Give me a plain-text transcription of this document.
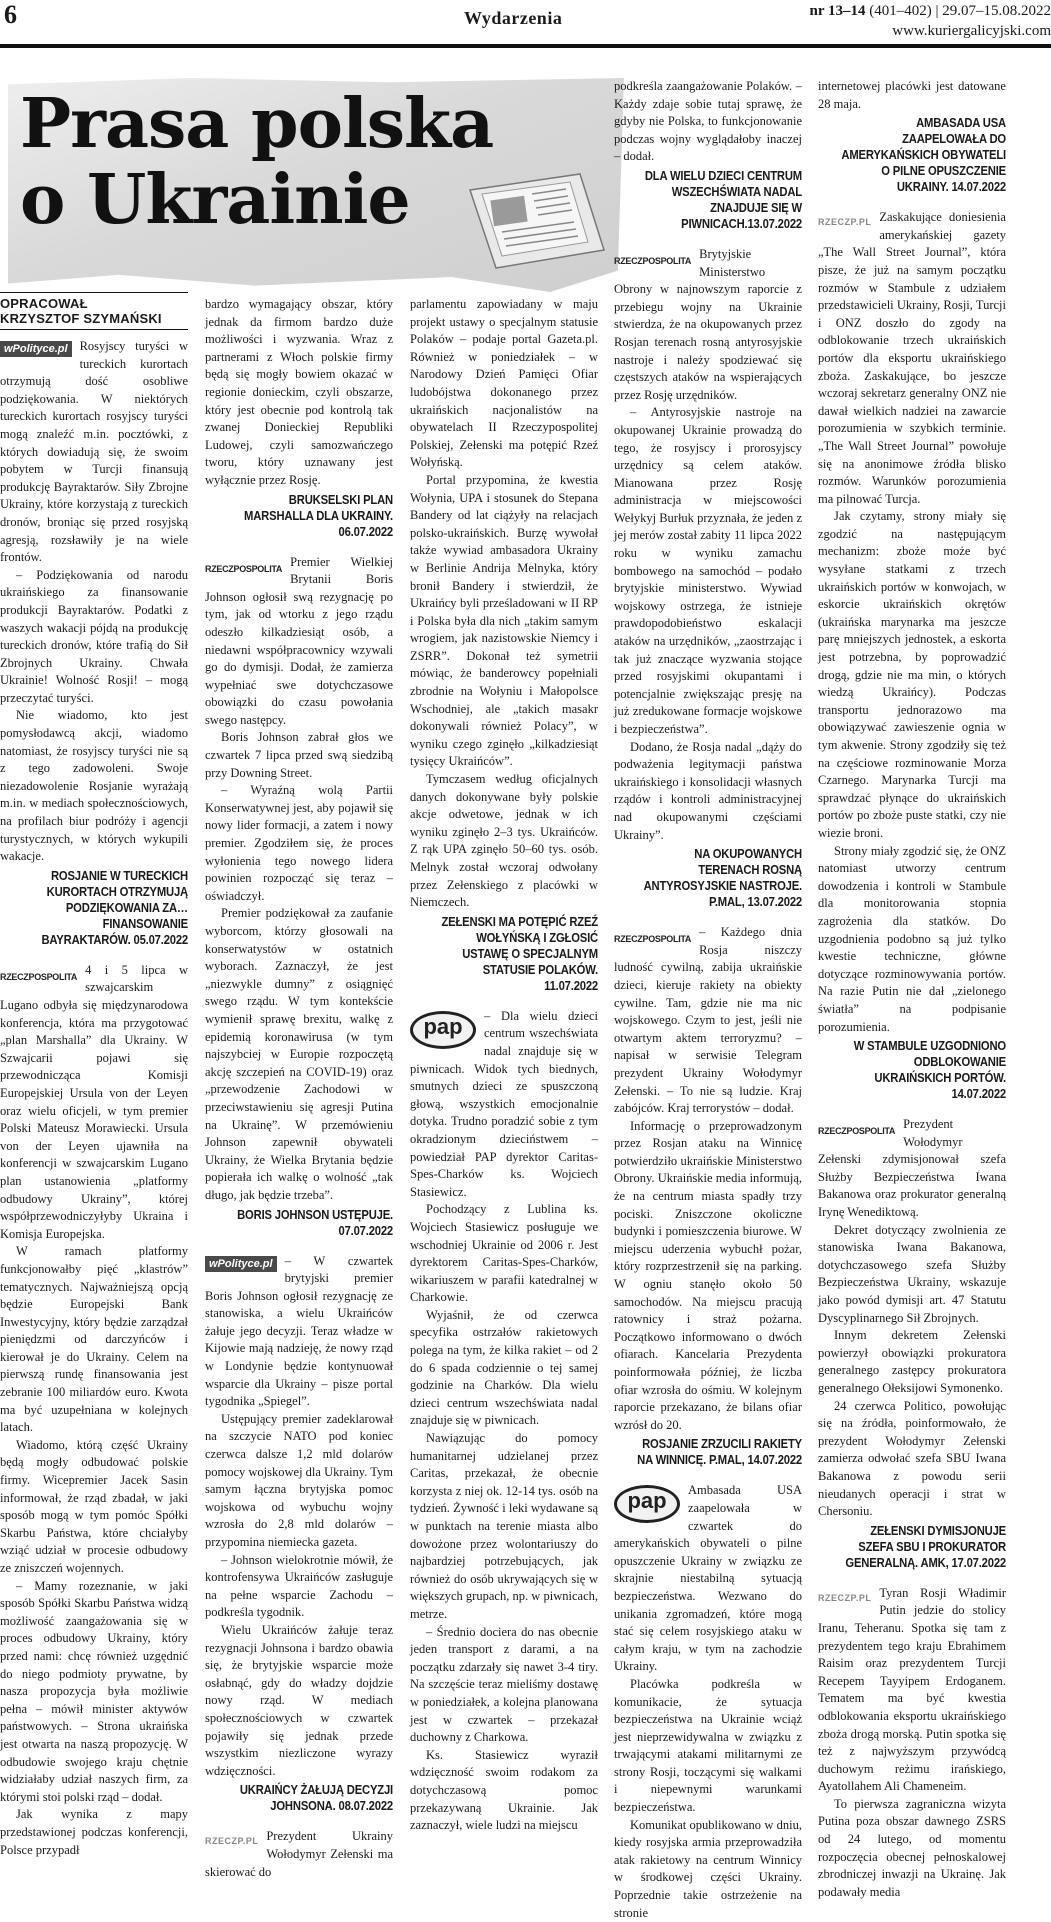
6	Wydarzenia	nr 13–14 (401–402) | 29.07–15.08.2022
www.kuriergalicyjski.com
Prasa polska
o Ukrainie
OPRACOWAŁ
KRZYSZTOF SZYMAŃSKI

wPolityce.pl Rosyjscy turyści w tureckich kurortach otrzymują dość osobliwe podziękowania. W niektórych tureckich kurortach rosyjscy turyści mogą znaleźć m.in. pocztówki, z których dowiadują się, że swoim pobytem w Turcji finansują produkcję Bayraktarów. Siły Zbrojne Ukrainy, które korzystają z tureckich dronów, broniąc się przed rosyjską agresją, rozsławiły je na wiele frontów.

– Podziękowania od narodu ukraińskiego za finansowanie produkcji Bayraktarów. Podatki z waszych wakacji pójdą na produkcję tureckich dronów, które trafią do Sił Zbrojnych Ukrainy. Chwała Ukrainie! Wolność Rosji! – mogą przeczytać turyści.

Nie wiadomo, kto jest pomysłodawcą akcji, wiadomo natomiast, że rosyjscy turyści nie są z tego zadowoleni. Swoje niezadowolenie Rosjanie wyrażają m.in. w mediach społecznościowych, na profilach biur podróży i agencji turystycznych, w których wykupili wakacje.

ROSJANIE W TURECKICH KURORTACH OTRZYMUJĄ PODZIĘKOWANIA ZA… FINANSOWANIE BAYRAKTARÓW. 05.07.2022

RZECZPOSPOLITA 4 i 5 lipca w szwajcarskim Lugano odbyła się międzynarodowa konferencja, która ma przygotować „plan Marshalla” dla Ukrainy. W Szwajcarii pojawi się przewodnicząca Komisji Europejskiej Ursula von der Leyen oraz wielu oficjeli, w tym premier Polski Mateusz Morawiecki. Ursula von der Leyen ujawniła na konferencji w szwajcarskim Lugano plan ustanowienia „platformy odbudowy Ukrainy”, której współprzewodniczyłyby Ukraina i Komisja Europejska.

W ramach platformy funkcjonowałby pięć „klastrów” tematycznych. Najważniejszą opcją będzie Europejski Bank Inwestycyjny, który będzie zarządzał pieniędzmi od darczyńców i kierował je do Ukrainy. Celem na pierwszą rundę finansowania jest zebranie 100 miliardów euro. Kwota ma być uzupełniana w kolejnych latach.

Wiadomo, którą część Ukrainy będą mogły odbudować polskie firmy. Wicepremier Jacek Sasin informował, że rząd zbadał, w jaki sposób mogą w tym pomóc Spółki Skarbu Państwa, które chciałyby wziąć udział w procesie odbudowy ze zniszczeń wojennych.

– Mamy rozeznanie, w jaki sposób Spółki Skarbu Państwa widzą możliwość zaangażowania się w proces odbudowy Ukrainy, który przed nami: chcę również uzgędnić do niego podmioty prywatne, by nasza propozycja była możliwie pełna – mówił minister aktywów państwowych. – Strona ukraińska jest otwarta na naszą propozycję. W odbudowie swojego kraju chętnie widziałaby udział naszych firm, za którymi stoi polski rząd – dodał.

Jak wynika z mapy przedstawionej podczas konferencji, Polsce przypadł

bardzo wymagający obszar, który jednak da firmom bardzo duże możliwości i wyzwania. Wraz z partnerami z Włoch polskie firmy będą się mogły bowiem okazać w regionie donieckim, czyli obszarze, który jest obecnie pod kontrolą tak zwanej Donieckiej Republiki Ludowej, czyli samozwańczego tworu, który uznawany jest wyłącznie przez Rosję.

BRUKSELSKI PLAN MARSHALLA DLA UKRAINY. 06.07.2022

RZECZPOSPOLITA Premier Wielkiej Brytanii Boris Johnson ogłosił swą rezygnację po tym, jak od wtorku z jego rządu odeszło kilkadziesiąt osób, a niedawni współpracownicy wzywali go do dymisji. Dodał, że zamierza wypełniać swe dotychczasowe obowiązki do czasu powołania swego następcy.

Boris Johnson zabrał głos we czwartek 7 lipca przed swą siedzibą przy Downing Street.

– Wyraźną wolą Partii Konserwatywnej jest, aby pojawił się nowy lider formacji, a zatem i nowy premier. Zgodziłem się, że proces wyłonienia tego nowego lidera powinien rozpocząć się teraz – oświadczył.

Premier podziękował za zaufanie wyborcom, którzy głosowali na konserwatystów w ostatnich wyborach. Zaznaczył, że jest „niezwykle dumny” z osiągnięć swego rządu. W tym kontekście wymienił sprawę brexitu, walkę z epidemią koronawirusa (w tym najszybciej w Europie rozpoczętą akcję szczepień na COVID-19) oraz „przewodzenie Zachodowi w przeciwstawieniu się agresji Putina na Ukrainę”. W przemówieniu Johnson zapewnił obywateli Ukrainy, że Wielka Brytania będzie popierała ich walkę o wolność „tak długo, jak będzie trzeba”.

BORIS JOHNSON USTĘPUJE. 07.07.2022

wPolityce.pl – W czwartek brytyjski premier Boris Johnson ogłosił rezygnację ze stanowiska, a wielu Ukraińców żałuje jego decyzji. Teraz władze w Kijowie mają nadzieję, że nowy rząd w Londynie będzie kontynuował wsparcie dla Ukrainy – pisze portal tygodnika „Spiegel”.

Ustępujący premier zadeklarował na szczycie NATO pod koniec czerwca dalsze 1,2 mld dolarów pomocy wojskowej dla Ukrainy. Tym samym łączna brytyjska pomoc wojskowa od wybuchu wojny wzrosła do 2,8 mld dolarów – przypomina niemiecka gazeta.

– Johnson wielokrotnie mówił, że kontrofensywa Ukraińców zasługuje na pełne wsparcie Zachodu – podkreśla tygodnik.

Wielu Ukraińców żałuje teraz rezygnacji Johnsona i bardzo obawia się, że brytyjskie wsparcie może osłabnąć, gdy do władzy dojdzie nowy rząd. W mediach społecznościowych w czwartek pojawiły się jednak przede wszystkim niezliczone wyrazy wdzięczności.

UKRAIŃCY ŻAŁUJĄ DECYZJI JOHNSONA. 08.07.2022

RZECZP.PL Prezydent Ukrainy Wołodymyr Zełenski ma skierować do

parlamentu zapowiadany w maju projekt ustawy o specjalnym statusie Polaków – podaje portal Gazeta.pl. Również w poniedziałek – w Narodowy Dzień Pamięci Ofiar ludobójstwa dokonanego przez ukraińskich nacjonalistów na obywatelach II Rzeczypospolitej Polskiej, Zełenski ma potępić Rzeź Wołyńską.

Portal przypomina, że kwestia Wołynia, UPA i stosunek do Stepana Bandery od lat ciążyły na relacjach polsko-ukraińskich. Burzę wywołał także wywiad ambasadora Ukrainy w Berlinie Andrija Melnyka, który bronił Bandery i stwierdził, że Ukraińcy byli prześladowani w II RP i Polska była dla nich „takim samym wrogiem, jak nazistowskie Niemcy i ZSRR”. Dokonał też symetrii mówiąc, że banderowcy popełniali zbrodnie na Wołyniu i Małopolsce Wschodniej, ale „takich masakr dokonywali również Polacy”, w wyniku czego zginęło „kilkadziesiąt tysięcy Ukraińców”.

Tymczasem według oficjalnych danych dokonywane były polskie akcje odwetowe, jednak w ich wyniku zginęło 2–3 tys. Ukraińców. Z rąk UPA zginęło 50–60 tys. osób. Melnyk został wczoraj odwołany przez Zełenskiego z placówki w Niemczech.

ZEŁENSKI MA POTĘPIĆ RZEŹ WOŁYŃSKĄ I ZGŁOSIĆ USTAWĘ O SPECJALNYM STATUSIE POLAKÓW. 11.07.2022

pap	– Dla wielu dzieci centrum wszechświata nadal znajduje się w piwnicach. Widok tych biednych, smutnych dzieci ze spuszczoną głową, wszystkich emocjonalnie dotyka. Trudno poradzić sobie z tym okradzionym dzieciństwem – powiedział PAP dyrektor Caritas-Spes-Charków ks. Wojciech Stasiewicz.

Pochodzący z Lublina ks. Wojciech Stasiewicz posługuje we wschodniej Ukrainie od 2006 r. Jest dyrektorem Caritas-Spes-Charków, wikariuszem w parafii katedralnej w Charkowie.

Wyjaśnił, że od czerwca specyfika ostrzałów rakietowych polega na tym, że kilka rakiet – od 2 do 6 spada codziennie o tej samej godzinie na Charków. Dla wielu dzieci centrum wszechświata nadal znajduje się w piwnicach.

Nawiązując do pomocy humanitarnej udzielanej przez Caritas, przekazał, że obecnie korzysta z niej ok. 12-14 tys. osób na tydzień. Żywność i leki wydawane są w punktach na terenie miasta albo dowożone przez wolontariuszy do najbardziej potrzebujących, jak również do osób ukrywających się w większych grupach, np. w piwnicach, metrze.

– Średnio dociera do nas obecnie jeden transport z darami, a na początku zdarzały się nawet 3-4 tiry. Na szczęście teraz mieliśmy dostawę w poniedziałek, a kolejna planowana jest w czwartek – przekazał duchowny z Charkowa.

Ks. Stasiewicz wyraził wdzięczność swoim rodakom za dotychczasową pomoc przekazywaną Ukrainie. Jak zaznaczył, wiele ludzi na miejscu

podkreśla zaangażowanie Polaków. – Każdy zdaje sobie tutaj sprawę, że gdyby nie Polska, to funkcjonowanie podczas wojny wyglądałoby inaczej – dodał.

DLA WIELU DZIECI CENTRUM WSZECHŚWIATA NADAL ZNAJDUJE SIĘ W PIWNICACH.13.07.2022

RZECZPOSPOLITA Brytyjskie Ministerstwo Obrony w najnowszym raporcie z przebiegu wojny na Ukrainie stwierdza, że na okupowanych przez Rosjan terenach rosną antyrosyjskie nastroje i należy spodziewać się częstszych ataków na wspierających przez Rosję urzędników.

– Antyrosyjskie nastroje na okupowanej Ukrainie prowadzą do tego, że rosyjscy i prorosyjscy urzędnicy są celem ataków. Mianowana przez Rosję administracja w miejscowości Wełykyj Burłuk przyznała, że jeden z jej merów został zabity 11 lipca 2022 roku w wyniku zamachu bombowego na samochód – podało brytyjskie ministerstwo. Wywiad wojskowy ostrzega, że istnieje prawdopodobieństwo eskalacji ataków na urzędników, „zaostrzając i tak już znaczące wyzwania stojące przed rosyjskimi okupantami i potencjalnie zwiększając presję na już zredukowane formacje wojskowe i bezpieczeństwa”.

Dodano, że Rosja nadal „dąży do podważenia legitymacji państwa ukraińskiego i konsolidacji własnych rządów i kontroli administracyjnej nad okupowanymi częściami Ukrainy”.

NA OKUPOWANYCH TERENACH ROSNĄ ANTYROSYJSKIE NASTROJE. P.MAL, 13.07.2022

RZECZPOSPOLITA – Każdego dnia Rosja niszczy ludność cywilną, zabija ukraińskie dzieci, kieruje rakiety na obiekty cywilne. Tam, gdzie nie ma nic wojskowego. Czym to jest, jeśli nie otwartym aktem terroryzmu? – napisał w serwisie Telegram prezydent Ukrainy Wołodymyr Zełenski. – To nie są ludzie. Kraj zabójców. Kraj terrorystów – dodał.

Informację o przeprowadzonym przez Rosjan ataku na Winnicę potwierdziło ukraińskie Ministerstwo Obrony. Ukraińskie media informują, że na centrum miasta spadły trzy pociski. Zniszczone okoliczne budynki i pomieszczenia biurowe. W miejscu uderzenia wybuchł pożar, który rozprzestrzenił się na parking. W ogniu stanęło około 50 samochodów. Na miejscu pracują ratownicy i straż pożarna. Początkowo informowano o dwóch ofiarach. Kancelaria Prezydenta poinformowała później, że liczba ofiar wzrosła do ośmiu. W kolejnym raporcie przekazano, że bilans ofiar wzrósł do 20.

ROSJANIE ZRZUCILI RAKIETY NA WINNICĘ. P.MAL, 14.07.2022

pap	Ambasada USA zaapelowała w czwartek do amerykańskich obywateli o pilne opuszczenie Ukrainy w związku ze skrajnie niestabilną sytuacją bezpieczeństwa. Wezwano do unikania zgromadzeń, które mogą stać się celem rosyjskiego ataku w całym kraju, w tym na zachodzie Ukrainy.

Placówka podkreśla w komunikacie, że sytuacja bezpieczeństwa na Ukrainie wciąż jest nieprzewidywalna w związku z trwającymi atakami militarnymi ze strony Rosji, toczącymi się walkami i niepewnymi warunkami bezpieczeństwa.

Komunikat opublikowano w dniu, kiedy rosyjska armia przeprowadziła atak rakietowy na centrum Winnicy w środkowej części Ukrainy. Poprzednie takie ostrzeżenie na stronie

internetowej placówki jest datowane 28 maja.

AMBASADA USA ZAAPELOWAŁA DO AMERYKAŃSKICH OBYWATELI O PILNE OPUSZCZENIE UKRAINY. 14.07.2022

RZECZP.PL Zaskakujące doniesienia amerykańskiej gazety „The Wall Street Journal”, która pisze, że już na samym początku rozmów w Stambule z udziałem przedstawicieli Ukrainy, Rosji, Turcji i ONZ doszło do zgody na odblokowanie trzech ukraińskich portów dla eksportu ukraińskiego zboża. Zaskakujące, bo jeszcze wczoraj sekretarz generalny ONZ nie dawał wielkich nadziei na zawarcie porozumienia w szybkich terminie. „The Wall Street Journal” powołuje się na anonimowe źródła blisko rozmów. Warunków porozumienia ma pilnować Turcja.

Jak czytamy, strony miały się zgodzić na następującym mechanizm: zboże może być wysyłane statkami z trzech ukraińskich portów w konwojach, w eskorcie ukraińskich okrętów (ukraińska marynarka ma jeszcze parę mniejszych jednostek, a eskorta jest potrzebna, by poprowadzić drogą, gdzie nie ma min, o których wiedzą Ukraińcy). Podczas transportu jednorazowo ma obowiązywać zawieszenie ognia w tym akwenie. Strony zgodziły się też na częściowe rozminowanie Morza Czarnego. Marynarka Turcji ma sprawdzać płynące do ukraińskich portów po zboże puste statki, czy nie wiezie broni.

Strony miały zgodzić się, że ONZ natomiast utworzy centrum dowodzenia i kontroli w Stambule dla monitorowania stopnia zagrożenia dla statków. Do uzgodnienia podobno są już tylko kwestie techniczne, główne dotyczące rozminowywania portów. Na razie Putin nie dał „zielonego światła” na podpisanie porozumienia.

W STAMBULE UZGODNIONO ODBLOKOWANIE UKRAIŃSKICH PORTÓW. 14.07.2022

RZECZPOSPOLITA Prezydent Wołodymyr Zełenski zdymisjonował szefa Służby Bezpieczeństwa Iwana Bakanowa oraz prokurator generalną Irynę Wenediktową.

Dekret dotyczący zwolnienia ze stanowiska Iwana Bakanowa, dotychczasowego szefa Służby Bezpieczeństwa Ukrainy, wskazuje jako powód dymisji art. 47 Statutu Dyscyplinarnego Sił Zbrojnych.

Innym dekretem Zełenski powierzył obowiązki prokuratora generalnego zastępcy prokuratora generalnego Ołeksijowi Symonenko.

24 czerwca Politico, powołując się na źródła, poinformowało, że prezydent Wołodymyr Zełenski zamierza odwołać szefa SBU Iwana Bakanowa z powodu serii nieudanych operacji i strat w Chersoniu.

ZEŁENSKI DYMISJONUJE SZEFA SBU I PROKURATOR GENERALNĄ. AMK, 17.07.2022

RZECZP.PL Tyran Rosji Władimir Putin jedzie do stolicy Iranu, Teheranu. Spotka się tam z prezydentem tego kraju Ebrahimem Raisim oraz prezydentem Turcji Recepem Tayyipem Erdoganem. Tematem ma być kwestia odblokowania eksportu ukraińskiego zboża drogą morską. Putin spotka się też z najwyższym przywódcą duchowym reżimu irańskiego, Ayatollahem Ali Chameneim.

To pierwsza zagraniczna wizyta Putina poza obszar dawnego ZSRS od 24 lutego, od momentu rozpoczęcia obecnej pełnoskalowej zbrodniczej inwazji na Ukrainę. Jak podawały media
